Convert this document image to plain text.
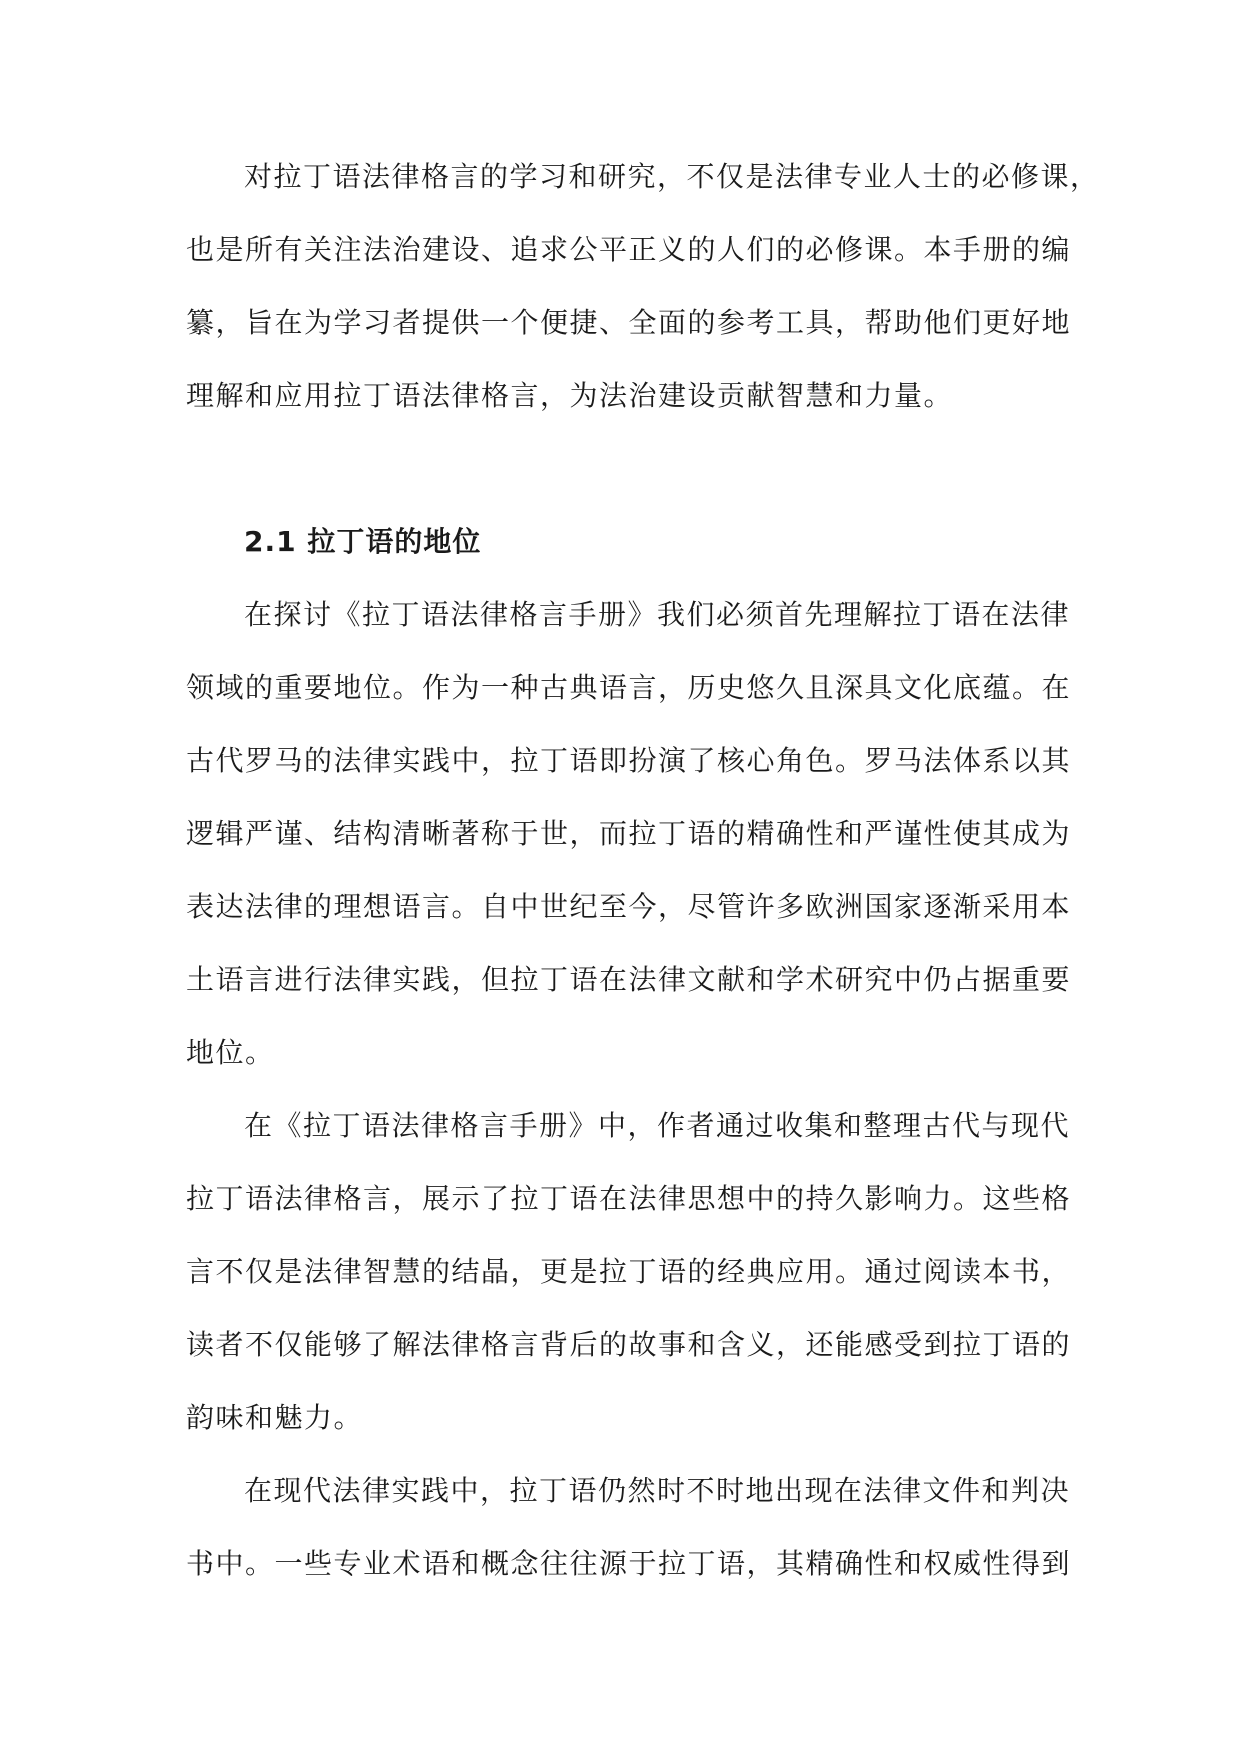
对拉丁语法律格言的学习和研究，不仅是法律专业人士的必修课，
也是所有关注法治建设、追求公平正义的人们的必修课。本手册的编
纂，旨在为学习者提供一个便捷、全面的参考工具，帮助他们更好地
理解和应用拉丁语法律格言，为法治建设贡献智慧和力量。
2.1 拉丁语的地位
在探讨《拉丁语法律格言手册》我们必须首先理解拉丁语在法律
领域的重要地位。作为一种古典语言，历史悠久且深具文化底蕴。在
古代罗马的法律实践中，拉丁语即扮演了核心角色。罗马法体系以其
逻辑严谨、结构清晰著称于世，而拉丁语的精确性和严谨性使其成为
表达法律的理想语言。自中世纪至今，尽管许多欧洲国家逐渐采用本
土语言进行法律实践，但拉丁语在法律文献和学术研究中仍占据重要
地位。
在《拉丁语法律格言手册》中，作者通过收集和整理古代与现代
拉丁语法律格言，展示了拉丁语在法律思想中的持久影响力。这些格
言不仅是法律智慧的结晶，更是拉丁语的经典应用。通过阅读本书，
读者不仅能够了解法律格言背后的故事和含义，还能感受到拉丁语的
韵味和魅力。
在现代法律实践中，拉丁语仍然时不时地出现在法律文件和判决
书中。一些专业术语和概念往往源于拉丁语，其精确性和权威性得到
